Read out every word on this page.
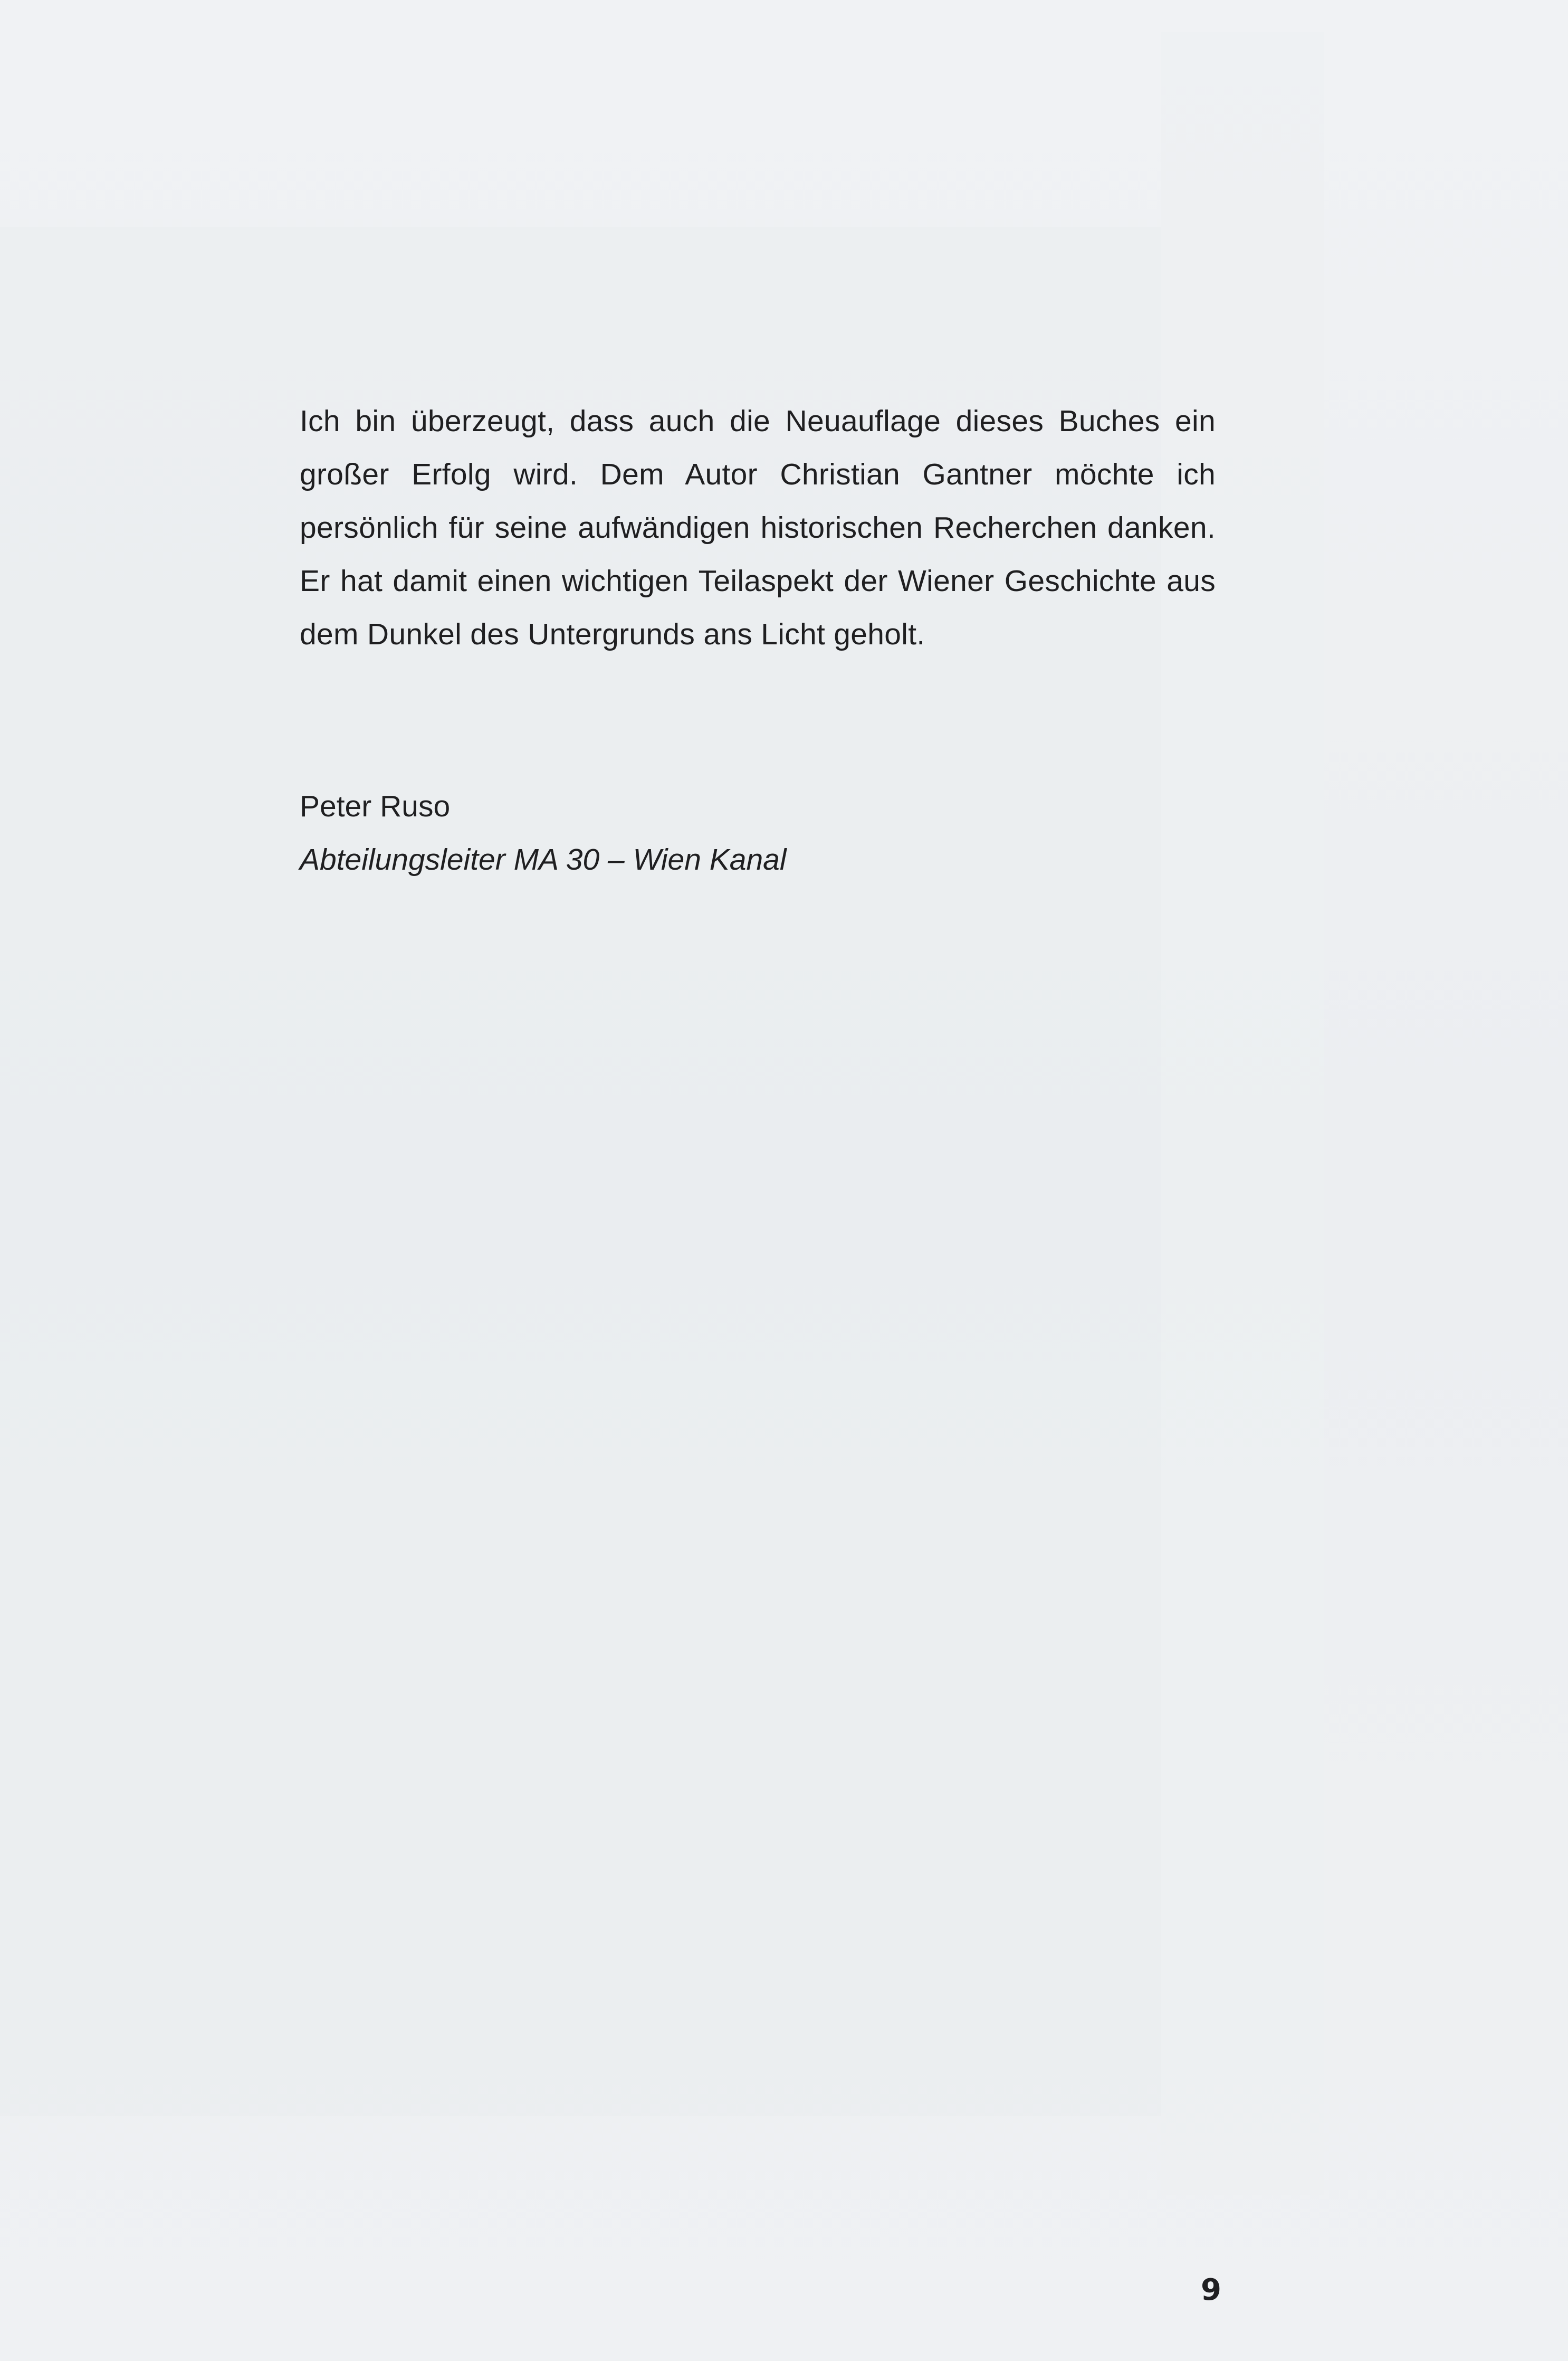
Ich bin überzeugt, dass auch die Neuauflage dieses Buches ein großer Erfolg wird. Dem Autor Christian Gantner möchte ich persönlich für seine aufwändigen historischen Recherchen danken. Er hat damit einen wichtigen Teilaspekt der Wiener Geschichte aus dem Dunkel des Untergrunds ans Licht geholt.

Peter Ruso
Abteilungsleiter MA 30 – Wien Kanal
9
